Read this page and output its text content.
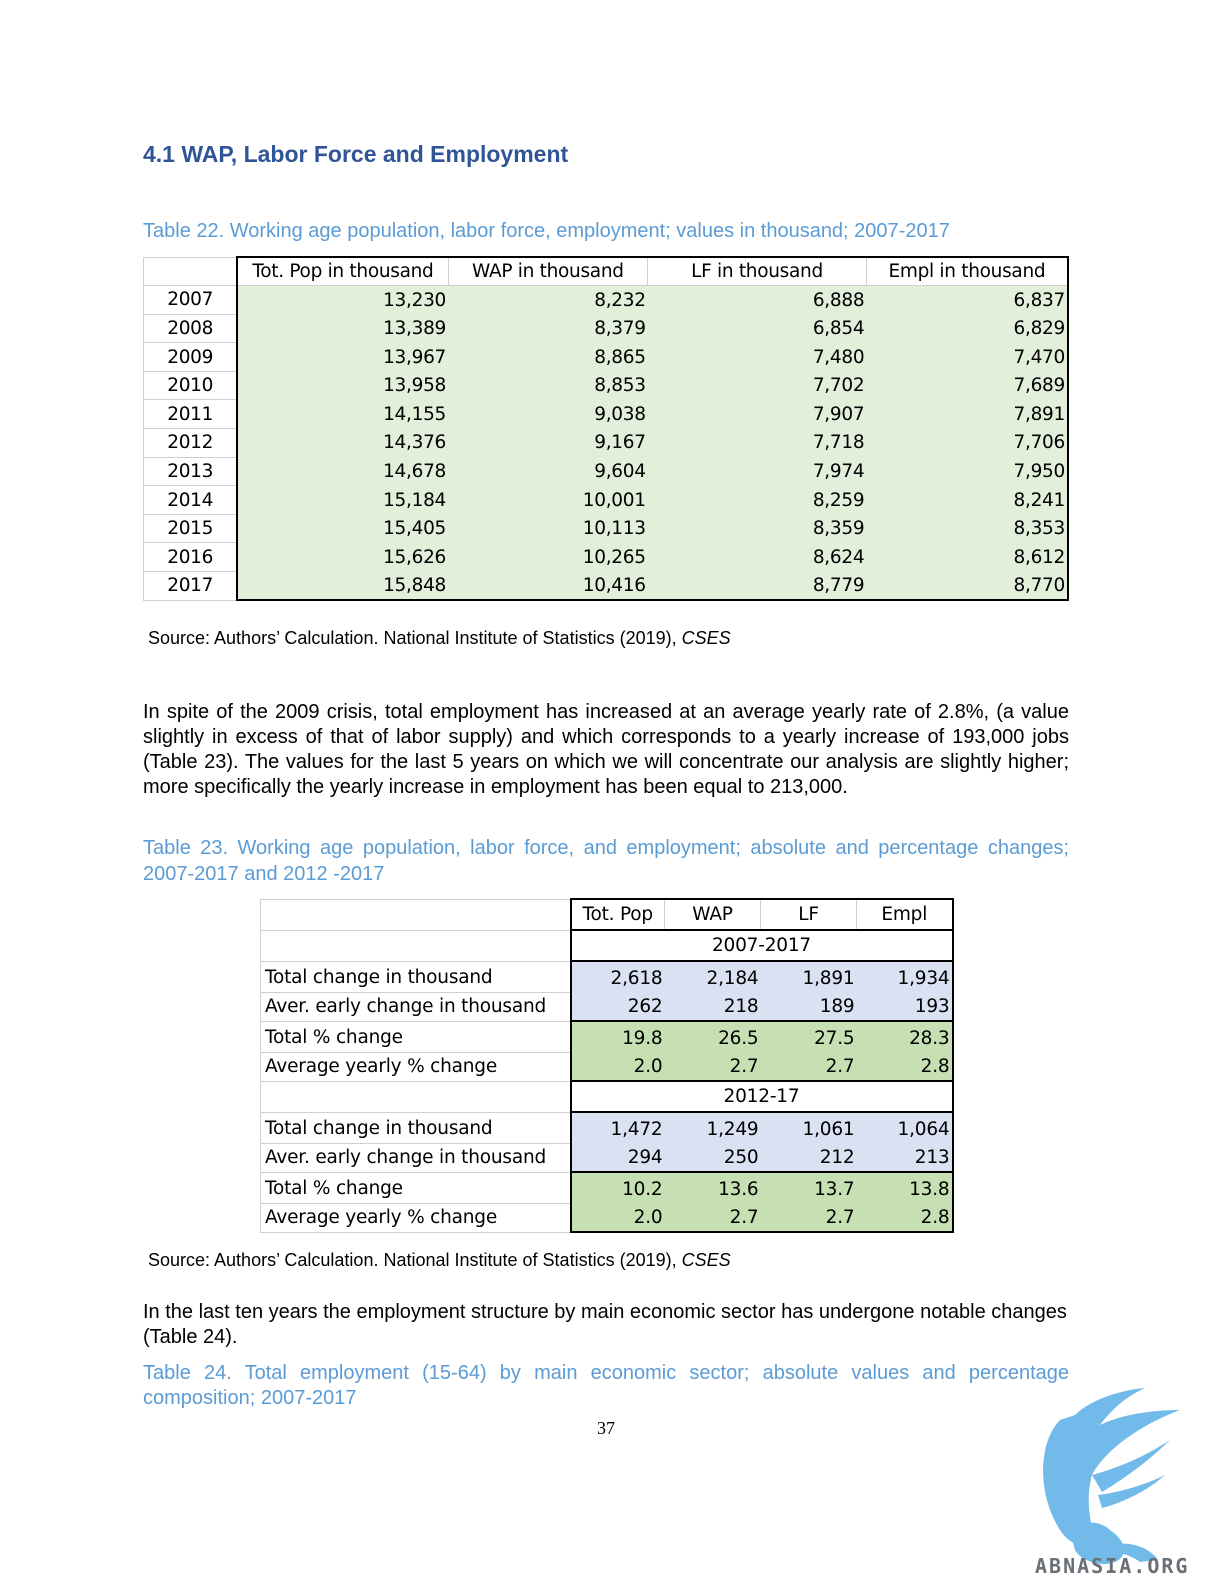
4.1 WAP, Labor Force and Employment
Table 22. Working age population, labor force, employment; values in thousand; 2007-2017
	Tot. Pop in thousand	WAP in thousand	LF in thousand	Empl in thousand
2007	13,230	8,232	6,888	6,837
2008	13,389	8,379	6,854	6,829
2009	13,967	8,865	7,480	7,470
2010	13,958	8,853	7,702	7,689
2011	14,155	9,038	7,907	7,891
2012	14,376	9,167	7,718	7,706
2013	14,678	9,604	7,974	7,950
2014	15,184	10,001	8,259	8,241
2015	15,405	10,113	8,359	8,353
2016	15,626	10,265	8,624	8,612
2017	15,848	10,416	8,779	8,770
Source: Authors’ Calculation. National Institute of Statistics (2019), CSES
In spite of the 2009 crisis, total employment has increased at an average yearly rate of 2.8%, (a value slightly in excess of that of labor supply) and which corresponds to a yearly increase of 193,000 jobs (Table 23). The values for the last 5 years on which we will concentrate our analysis are slightly higher; more specifically the yearly increase in employment has been equal to 213,000.
Table 23. Working age population, labor force, and employment; absolute and percentage changes; 2007-2017 and 2012 -2017
	Tot. Pop	WAP	LF	Empl
	2007-2017			
Total change in thousand	2,618	2,184	1,891	1,934
Aver. early change in thousand	262	218	189	193
Total % change	19.8	26.5	27.5	28.3
Average yearly % change	2.0	2.7	2.7	2.8
	2012-17			
Total change in thousand	1,472	1,249	1,061	1,064
Aver. early change in thousand	294	250	212	213
Total % change	10.2	13.6	13.7	13.8
Average yearly % change	2.0	2.7	2.7	2.8
Source: Authors’ Calculation. National Institute of Statistics (2019), CSES
In the last ten years the employment structure by main economic sector has undergone notable changes (Table 24).
Table 24. Total employment (15-64) by main economic sector; absolute values and percentage composition; 2007-2017
37
ABNASIA.ORG
